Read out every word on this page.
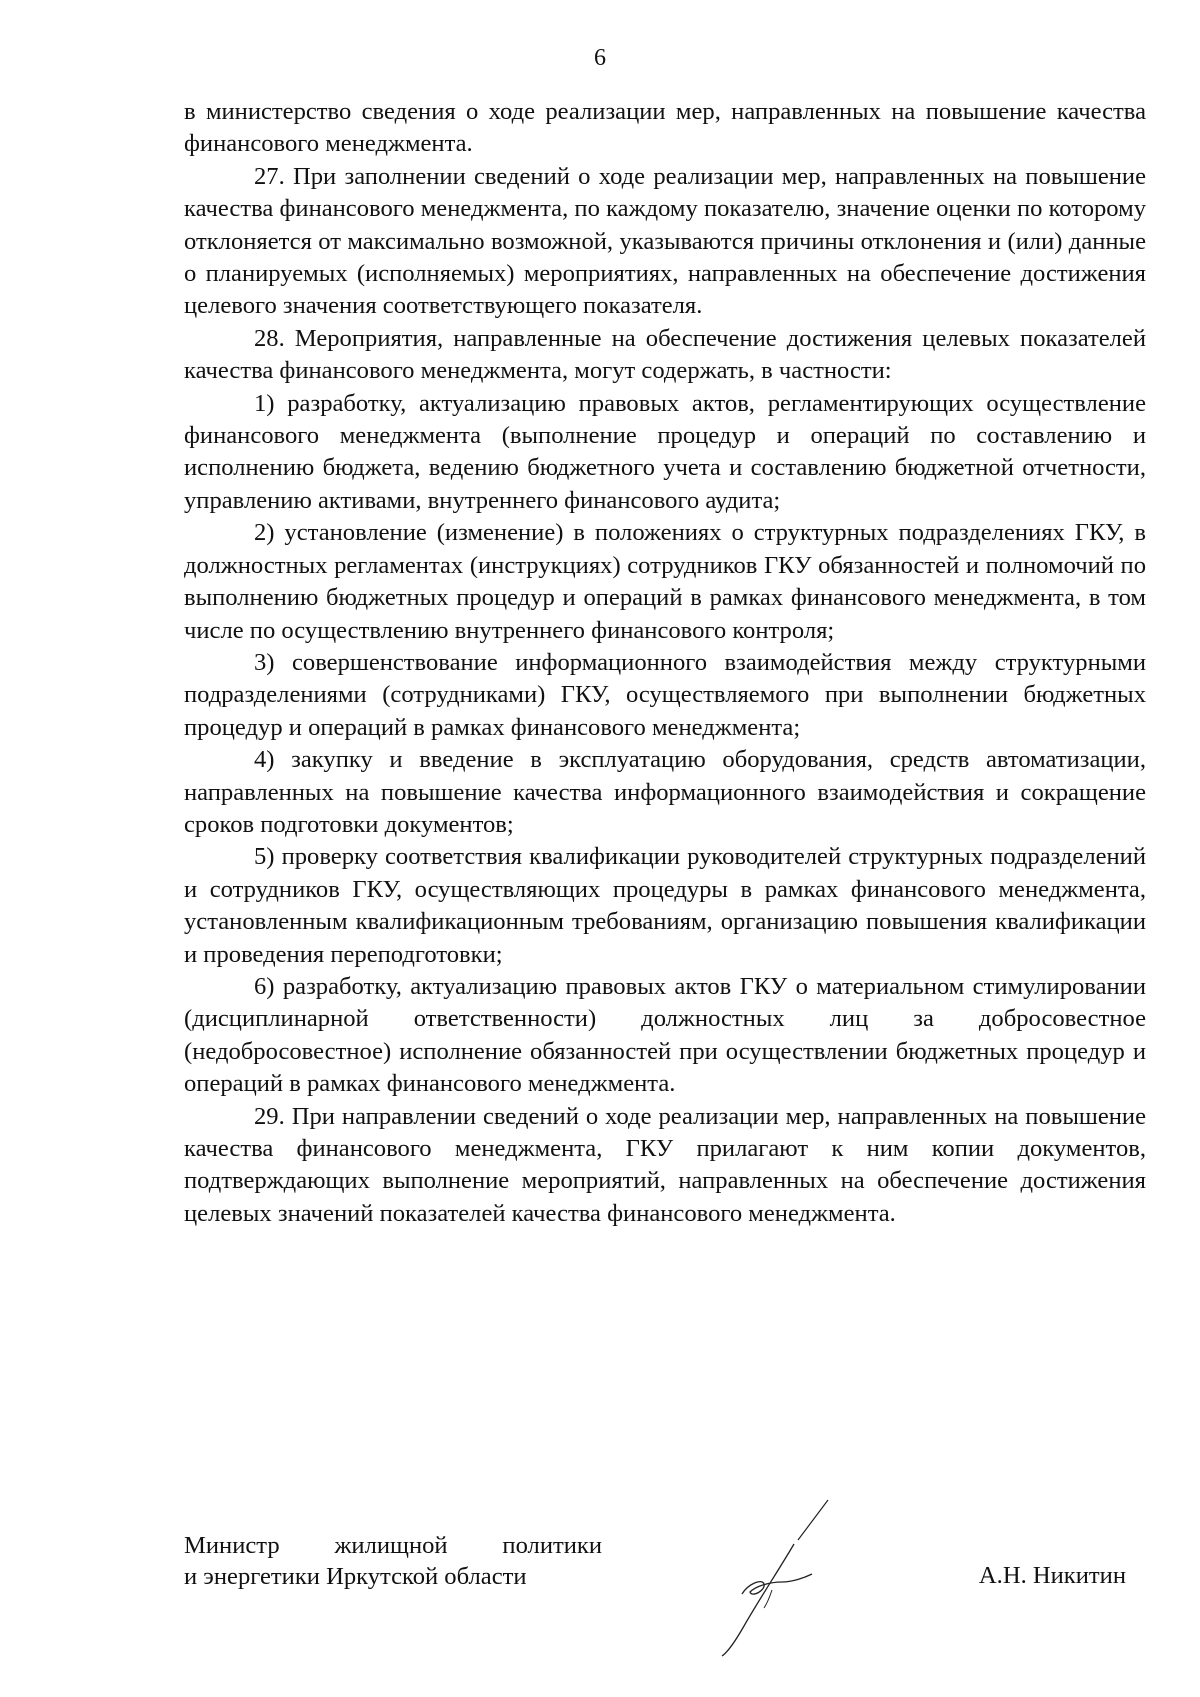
6

в министерство сведения о ходе реализации мер, направленных на повышение качества финансового менеджмента.

27. При заполнении сведений о ходе реализации мер, направленных на повышение качества финансового менеджмента, по каждому показателю, значение оценки по которому отклоняется от максимально возможной, указываются причины отклонения и (или) данные о планируемых (исполняемых) мероприятиях, направленных на обеспечение достижения целевого значения соответствующего показателя.

28. Мероприятия, направленные на обеспечение достижения целевых показателей качества финансового менеджмента, могут содержать, в частности:

1) разработку, актуализацию правовых актов, регламентирующих осуществление финансового менеджмента (выполнение процедур и операций по составлению и исполнению бюджета, ведению бюджетного учета и составлению бюджетной отчетности, управлению активами, внутреннего финансового аудита;

2) установление (изменение) в положениях о структурных подразделениях ГКУ, в должностных регламентах (инструкциях) сотрудников ГКУ обязанностей и полномочий по выполнению бюджетных процедур и операций в рамках финансового менеджмента, в том числе по осуществлению внутреннего финансового контроля;

3) совершенствование информационного взаимодействия между структурными подразделениями (сотрудниками) ГКУ, осуществляемого при выполнении бюджетных процедур и операций в рамках финансового менеджмента;

4) закупку и введение в эксплуатацию оборудования, средств автоматизации, направленных на повышение качества информационного взаимодействия и сокращение сроков подготовки документов;

5) проверку соответствия квалификации руководителей структурных подразделений и сотрудников ГКУ, осуществляющих процедуры в рамках финансового менеджмента, установленным квалификационным требованиям, организацию повышения квалификации и проведения переподготовки;

6) разработку, актуализацию правовых актов ГКУ о материальном стимулировании (дисциплинарной ответственности) должностных лиц за добросовестное (недобросовестное) исполнение обязанностей при осуществлении бюджетных процедур и операций в рамках финансового менеджмента.

29. При направлении сведений о ходе реализации мер, направленных на повышение качества финансового менеджмента, ГКУ прилагают к ним копии документов, подтверждающих выполнение мероприятий, направленных на обеспечение достижения целевых значений показателей качества финансового менеджмента.

Министр жилищной политики
и энергетики Иркутской области	А.Н. Никитин
